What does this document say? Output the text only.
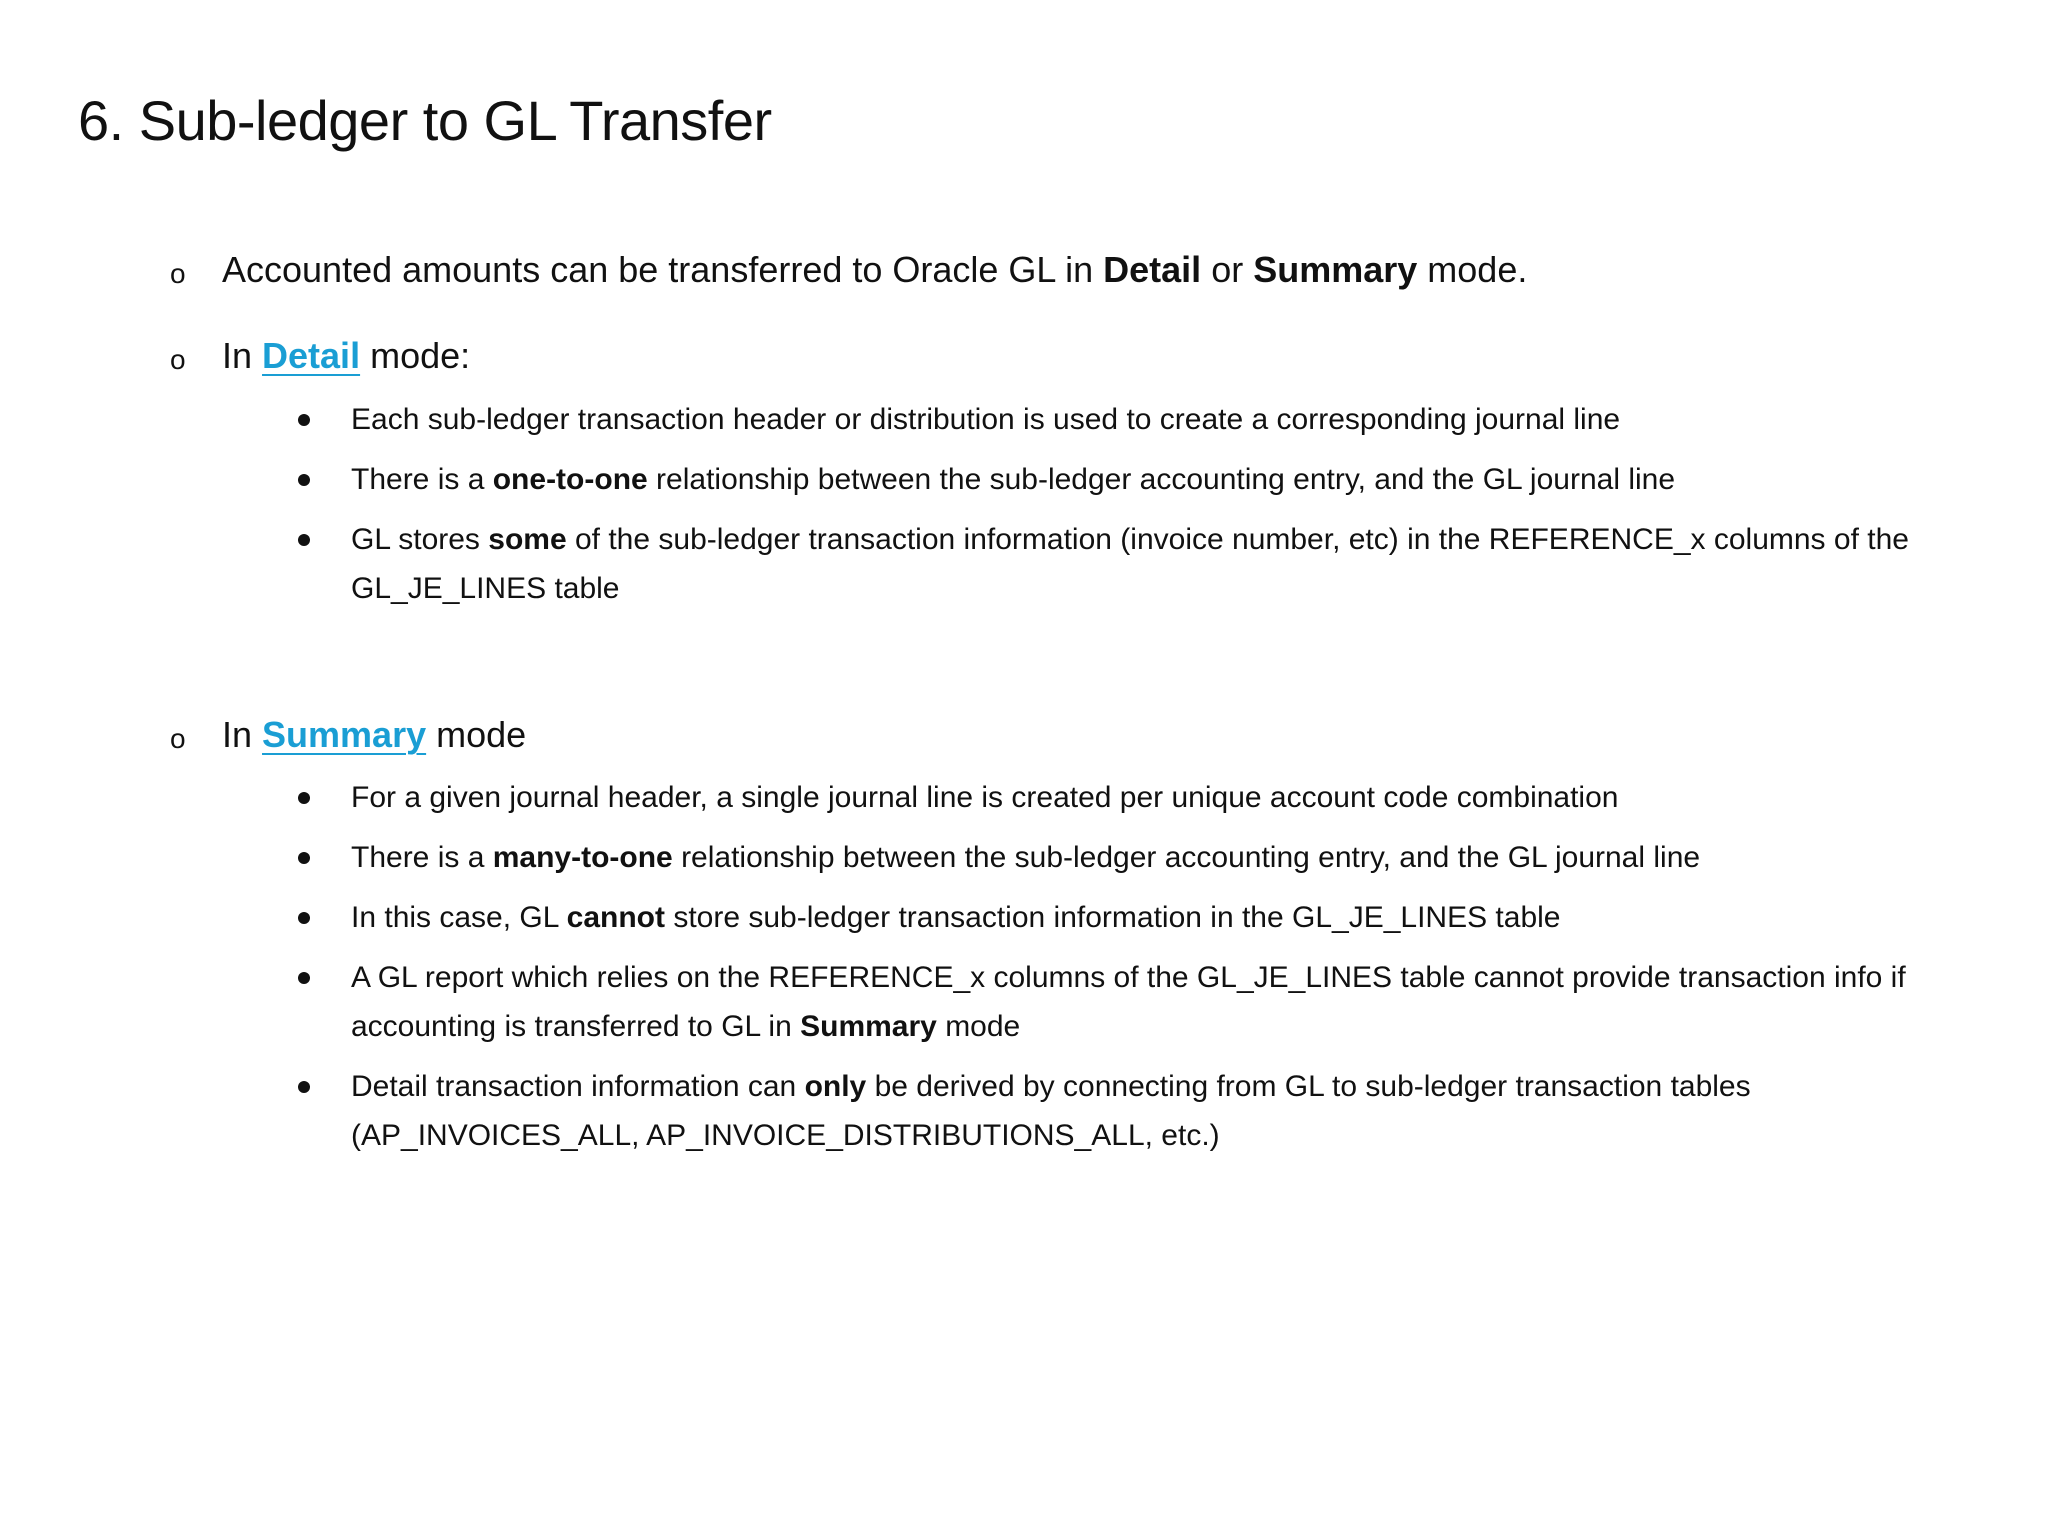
6. Sub-ledger to GL Transfer
o Accounted amounts can be transferred to Oracle GL in Detail or Summary mode.
o In Detail mode:
Each sub-ledger transaction header or distribution is used to create a corresponding journal line
There is a one-to-one relationship between the sub-ledger accounting entry, and the GL journal line
GL stores some of the sub-ledger transaction information (invoice number, etc) in the REFERENCE_x columns of the GL_JE_LINES table
o In Summary mode
For a given journal header, a single journal line is created per unique account code combination
There is a many-to-one relationship between the sub-ledger accounting entry, and the GL journal line
In this case, GL cannot store sub-ledger transaction information in the GL_JE_LINES table
A GL report which relies on the REFERENCE_x columns of the GL_JE_LINES table cannot provide transaction info if accounting is transferred to GL in Summary mode
Detail transaction information can only be derived by connecting from GL to sub-ledger transaction tables (AP_INVOICES_ALL, AP_INVOICE_DISTRIBUTIONS_ALL, etc.)
